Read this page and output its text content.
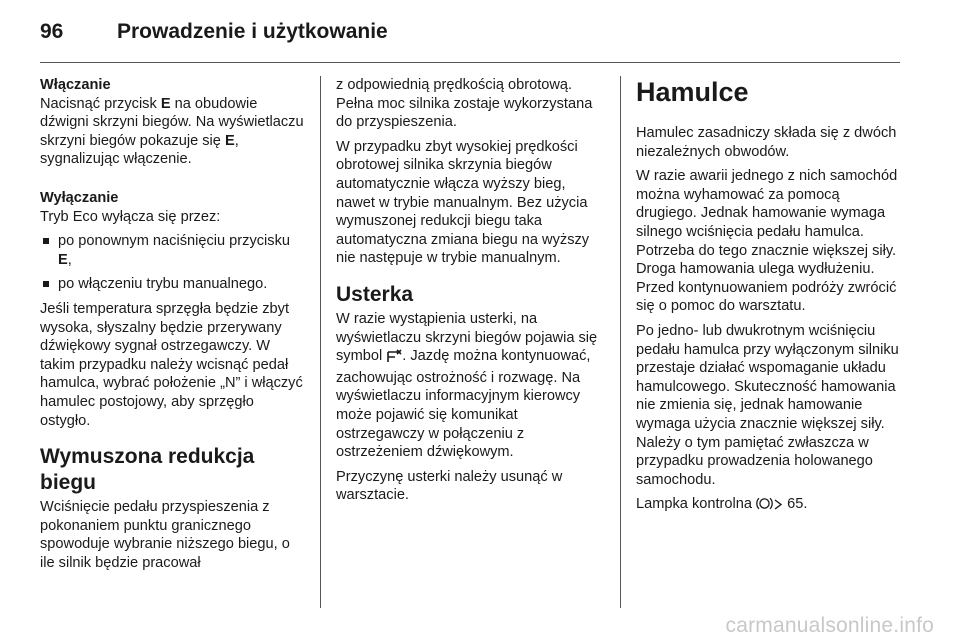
96	Prowadzenie i użytkowanie

Włączanie

Nacisnąć przycisk E na obudowie dźwigni skrzyni biegów. Na wyświetlaczu skrzyni biegów pokazuje się E, sygnalizując włączenie.

Wyłączanie

Tryb Eco wyłącza się przez:

po ponownym naciśnięciu przycisku E,
po włączeniu trybu manualnego.

Jeśli temperatura sprzęgła będzie zbyt wysoka, słyszalny będzie przerywany dźwiękowy sygnał ostrzegawczy. W takim przypadku należy wcisnąć pedał hamulca, wybrać położenie „N” i włączyć hamulec postojowy, aby sprzęgło ostygło.

Wymuszona redukcja biegu

Wciśnięcie pedału przyspieszenia z pokonaniem punktu granicznego spowoduje wybranie niższego biegu, o ile silnik będzie pracował

z odpowiednią prędkością obrotową. Pełna moc silnika zostaje wykorzystana do przyspieszenia.

W przypadku zbyt wysokiej prędkości obrotowej silnika skrzynia biegów automatycznie włącza wyższy bieg, nawet w trybie manualnym. Bez użycia wymuszonej redukcji biegu taka automatyczna zmiana biegu na wyższy nie następuje w trybie manualnym.

Usterka

W razie wystąpienia usterki, na wyświetlaczu skrzyni biegów pojawia się symbol . Jazdę można kontynuować, zachowując ostrożność i rozwagę. Na wyświetlaczu informacyjnym kierowcy może pojawić się komunikat ostrzegawczy w połączeniu z ostrzeżeniem dźwiękowym.

Przyczynę usterki należy usunąć w warsztacie.

Hamulce

Hamulec zasadniczy składa się z dwóch niezależnych obwodów.

W razie awarii jednego z nich samochód można wyhamować za pomocą drugiego. Jednak hamowanie wymaga silnego wciśnięcia pedału hamulca. Potrzeba do tego znacznie większej siły. Droga hamowania ulega wydłużeniu. Przed kontynuowaniem podróży zwrócić się o pomoc do warsztatu.

Po jedno- lub dwukrotnym wciśnięciu pedału hamulca przy wyłączonym silniku przestaje działać wspomaganie układu hamulcowego. Skuteczność hamowania nie zmienia się, jednak hamowanie wymaga użycia znacznie większej siły. Należy o tym pamiętać zwłaszcza w przypadku prowadzenia holowanego samochodu.

Lampka kontrolna  65.

carmanualsonline.info
